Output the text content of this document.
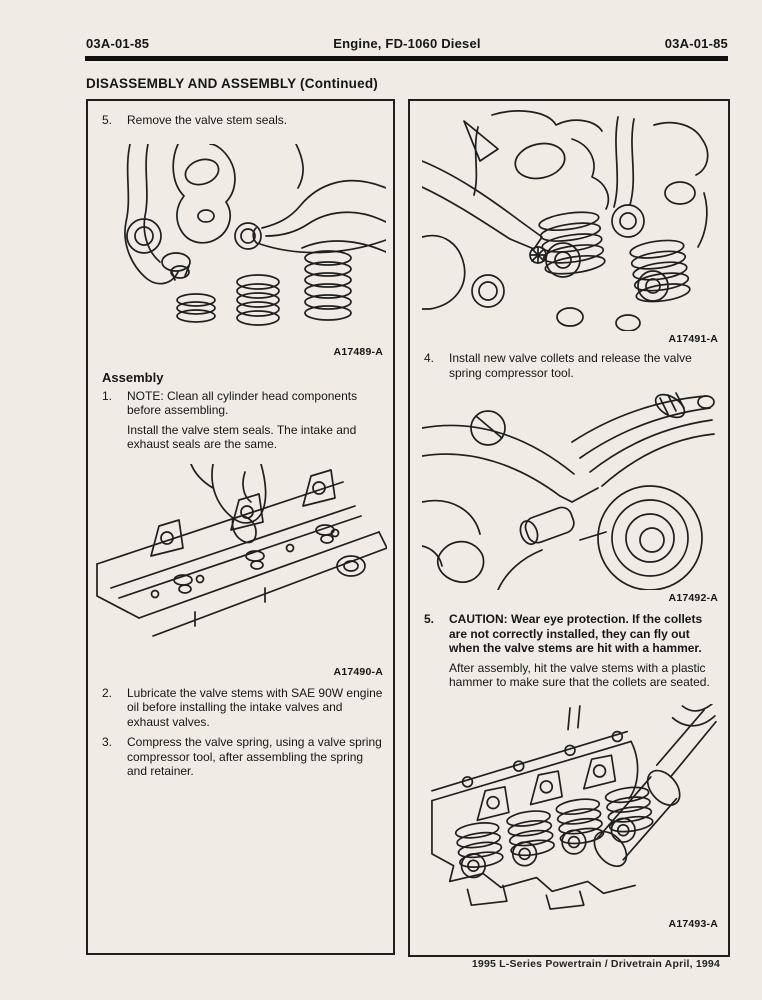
03A-01-85	Engine, FD-1060 Diesel	03A-01-85
DISASSEMBLY AND ASSEMBLY (Continued)
5.	Remove the valve stem seals.
A17489-A
Assembly
1.	NOTE: Clean all cylinder head components before assembling.

Install the valve stem seals. The intake and exhaust seals are the same.

A17490-A
2.	Lubricate the valve stems with SAE 90W engine oil before installing the intake valves and exhaust valves.
3.	Compress the valve spring, using a valve spring compressor tool, after assembling the spring and retainer.
A17491-A
4.	Install new valve collets and release the valve spring compressor tool.
A17492-A
5.	CAUTION: Wear eye protection. If the collets are not correctly installed, they can fly out when the valve stems are hit with a hammer.

After assembly, hit the valve stems with a plastic hammer to make sure that the collets are seated.

A17493-A
1995 L-Series Powertrain / Drivetrain April, 1994
